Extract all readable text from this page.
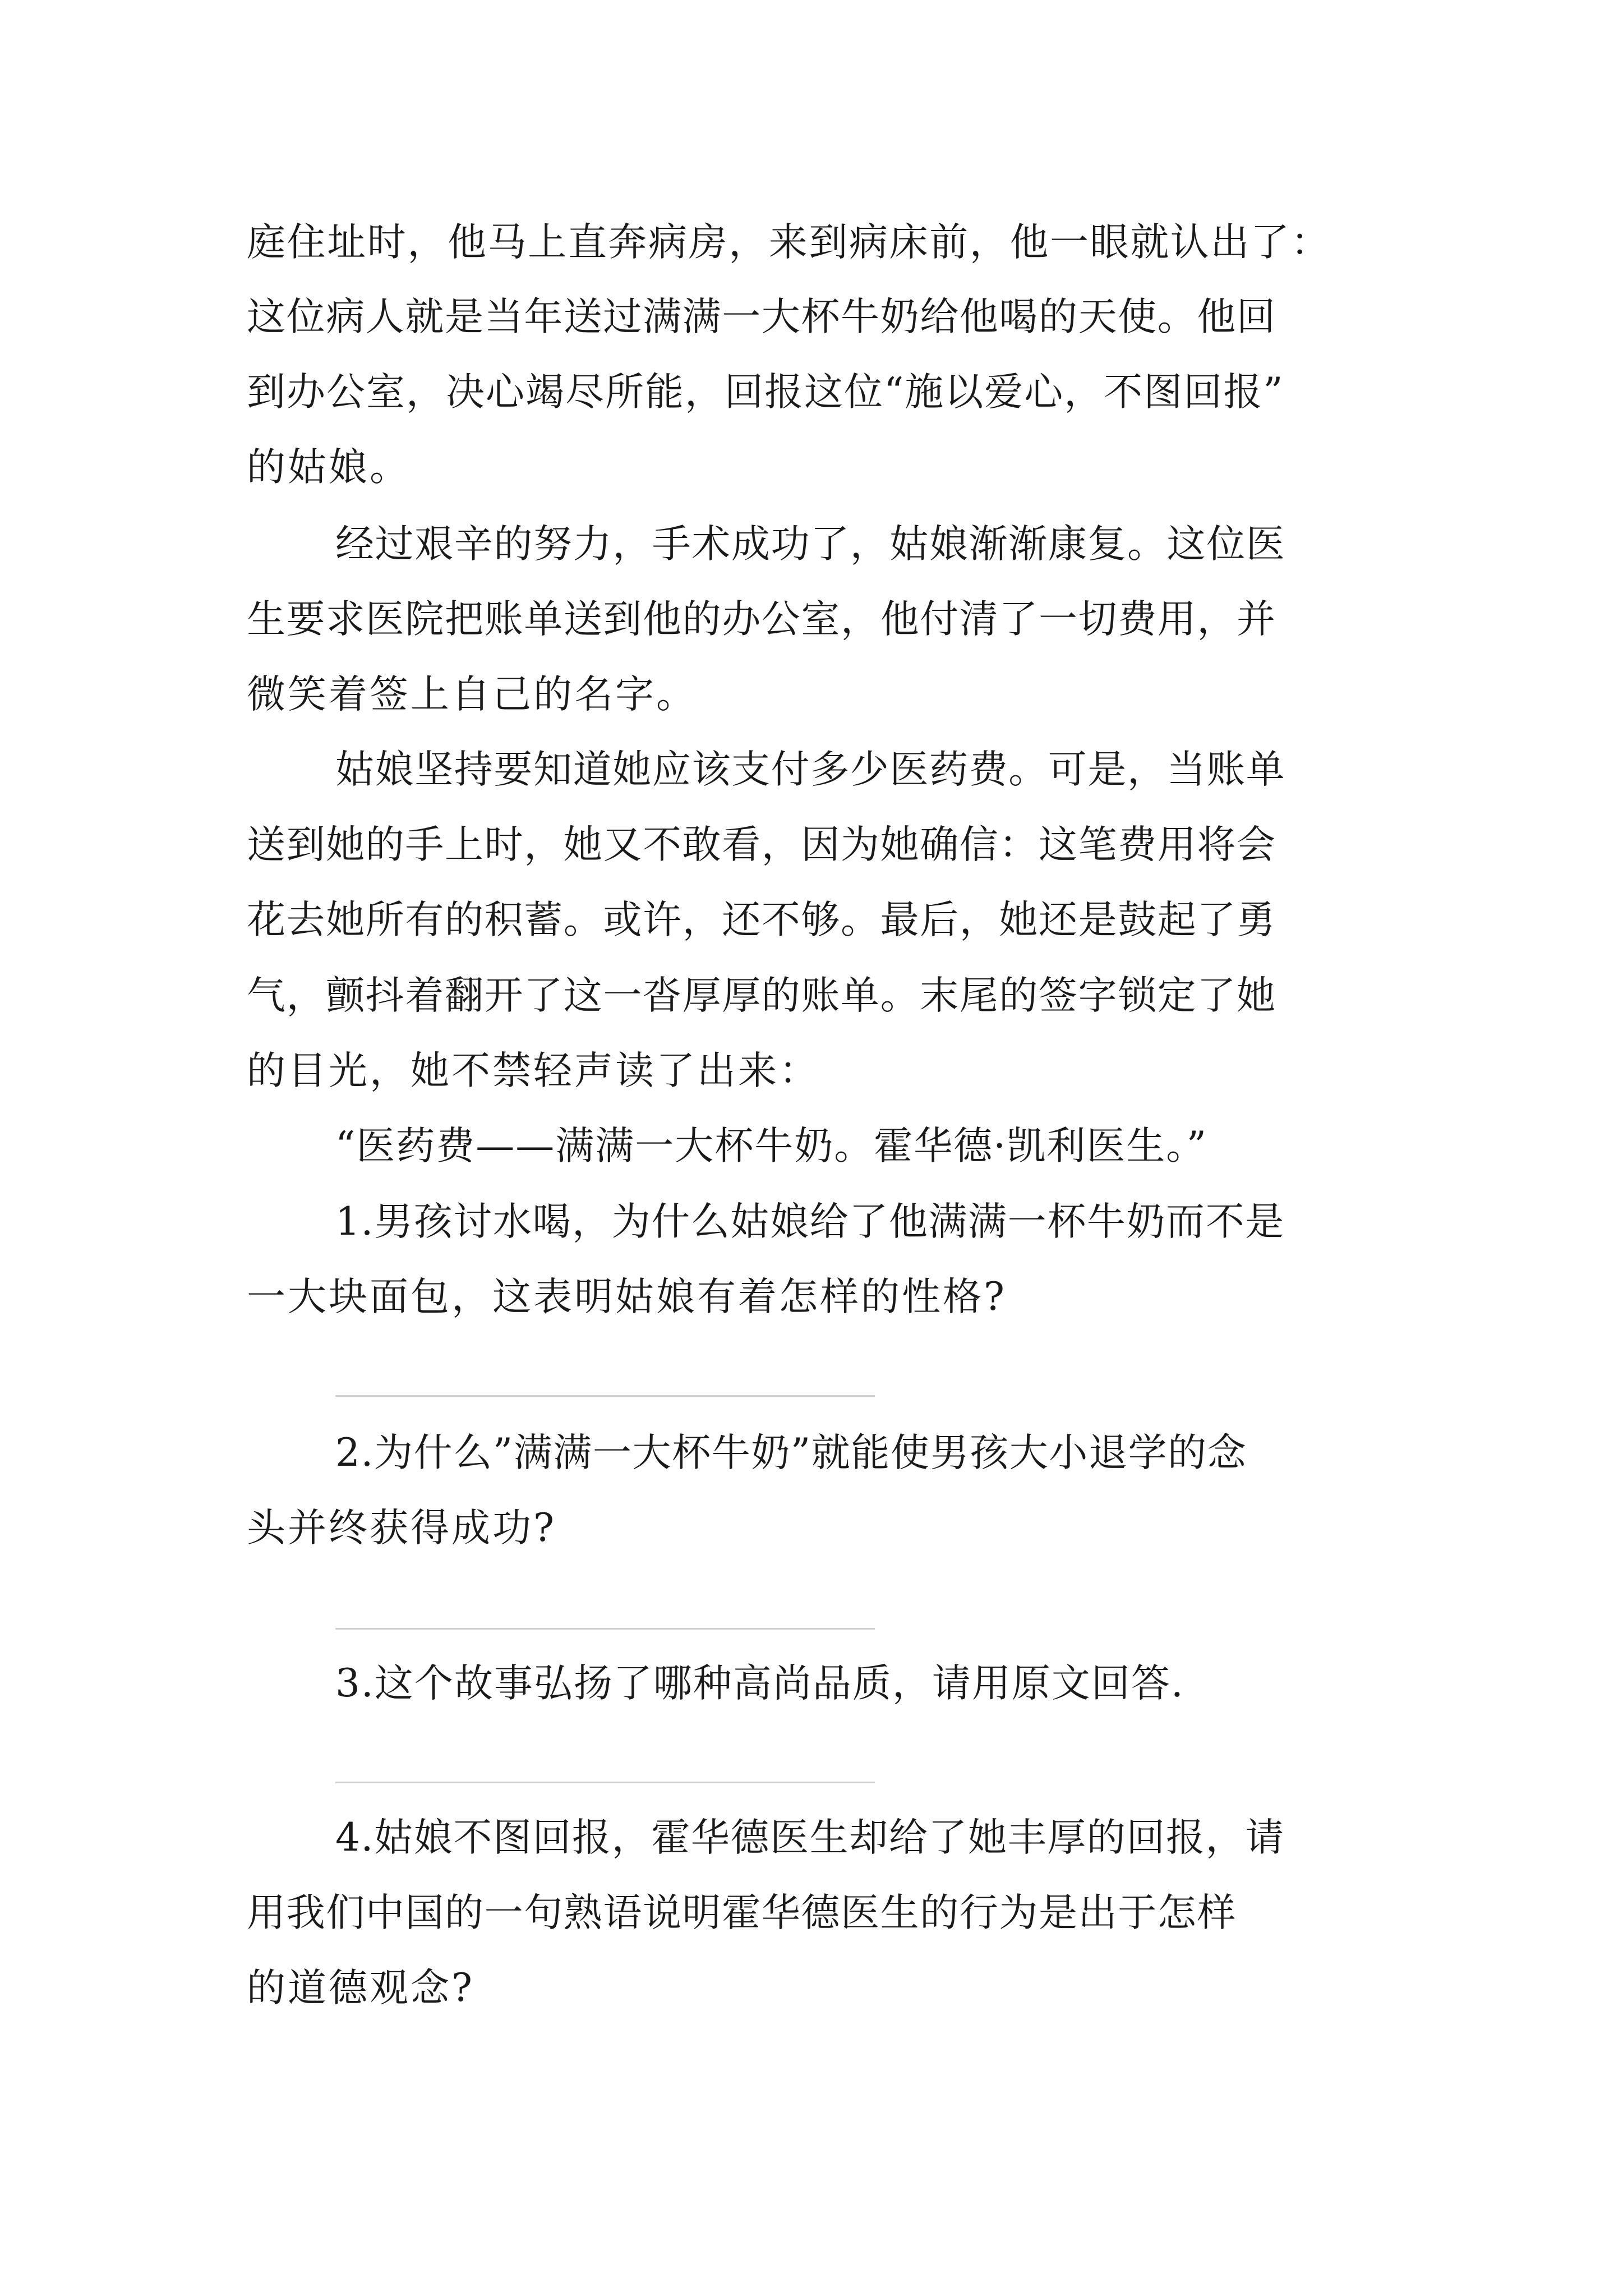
庭住址时，他马上直奔病房，来到病床前，他一眼就认出了：

这位病人就是当年送过满满一大杯牛奶给他喝的天使。他回

到办公室，决心竭尽所能，回报这位“施以爱心，不图回报”

的姑娘。

经过艰辛的努力，手术成功了，姑娘渐渐康复。这位医

生要求医院把账单送到他的办公室，他付清了一切费用，并

微笑着签上自己的名字。

姑娘坚持要知道她应该支付多少医药费。可是，当账单

送到她的手上时，她又不敢看，因为她确信：这笔费用将会

花去她所有的积蓄。或许，还不够。最后，她还是鼓起了勇

气，颤抖着翻开了这一沓厚厚的账单。末尾的签字锁定了她

的目光，她不禁轻声读了出来：

“医药费——满满一大杯牛奶。霍华德·凯利医生。”

1.男孩讨水喝，为什么姑娘给了他满满一杯牛奶而不是

一大块面包，这表明姑娘有着怎样的性格?

2.为什么”满满一大杯牛奶”就能使男孩大小退学的念

头并终获得成功?

3.这个故事弘扬了哪种高尚品质，请用原文回答.

4.姑娘不图回报，霍华德医生却给了她丰厚的回报，请

用我们中国的一句熟语说明霍华德医生的行为是出于怎样

的道德观念?
